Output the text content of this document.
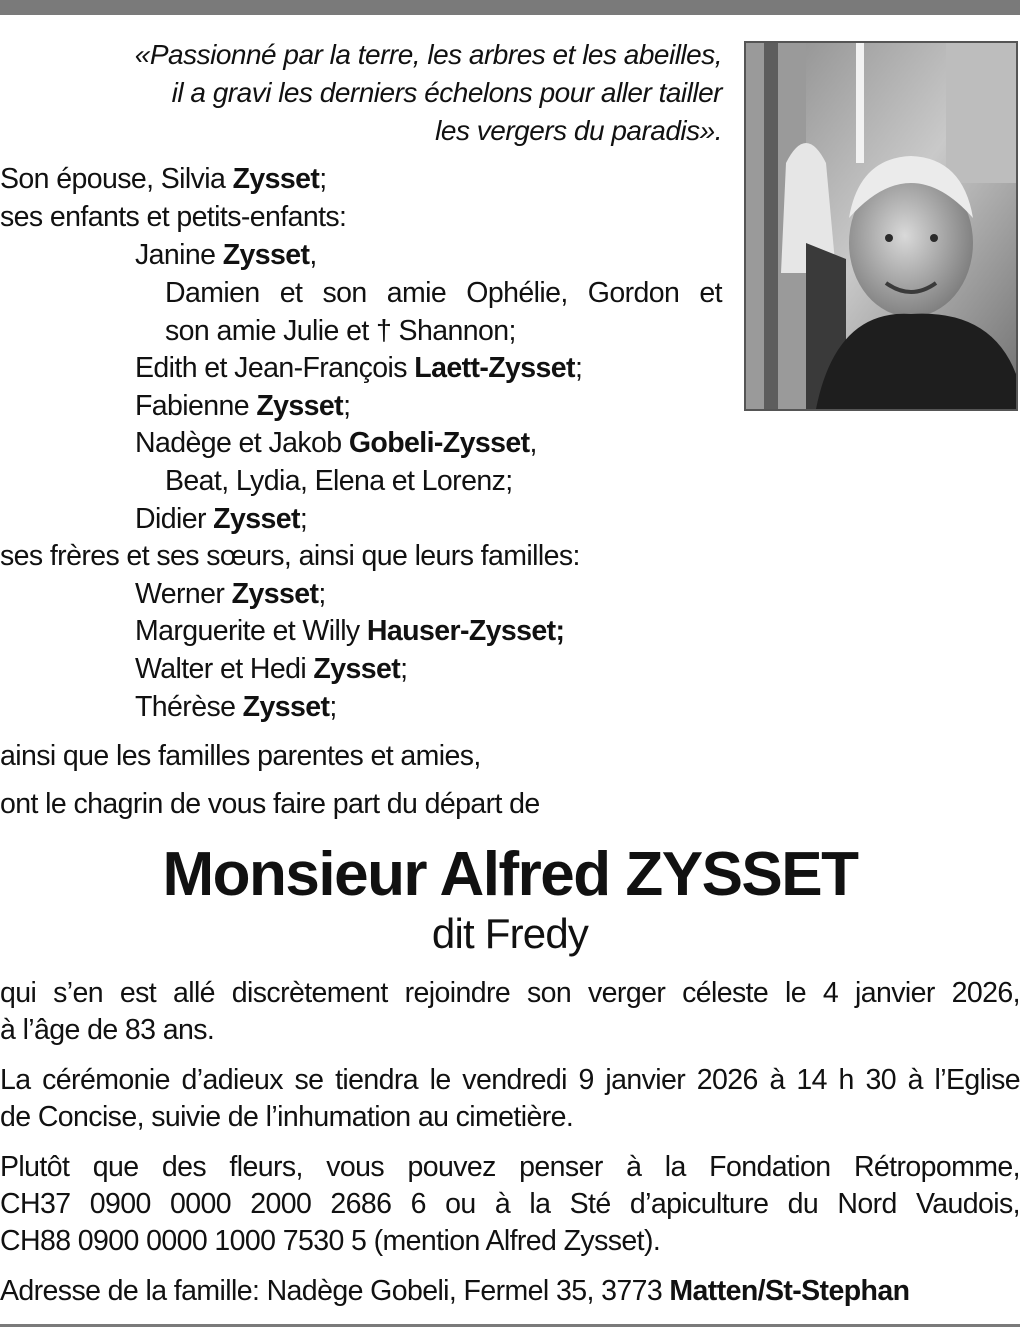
«Passionné par la terre, les arbres et les abeilles,
il a gravi les derniers échelons pour aller tailler
les vergers du paradis».
Son épouse, Silvia Zysset;
ses enfants et petits-enfants:
Janine Zysset,
Damien et son amie Ophélie, Gordon et
son amie Julie et † Shannon;
Edith et Jean-François Laett-Zysset;
Fabienne Zysset;
Nadège et Jakob Gobeli-Zysset,
Beat, Lydia, Elena et Lorenz;
Didier Zysset;
ses frères et ses sœurs, ainsi que leurs familles:
Werner Zysset;
Marguerite et Willy Hauser-Zysset;
Walter et Hedi Zysset;
Thérèse Zysset;
ainsi que les familles parentes et amies,
ont le chagrin de vous faire part du départ de
Monsieur Alfred ZYSSET
dit Fredy
qui s’en est allé discrètement rejoindre son verger céleste le 4 janvier 2026,
à l’âge de 83 ans.
La cérémonie d’adieux se tiendra le vendredi 9 janvier 2026 à 14 h 30 à l’Eglise
de Concise, suivie de l’inhumation au cimetière.
Plutôt que des fleurs, vous pouvez penser à la Fondation Rétropomme,
CH37 0900 0000 2000 2686 6 ou à la Sté d’apiculture du Nord Vaudois,
CH88 0900 0000 1000 7530 5 (mention Alfred Zysset).
Adresse de la famille: Nadège Gobeli, Fermel 35, 3773 Matten/St-Stephan
